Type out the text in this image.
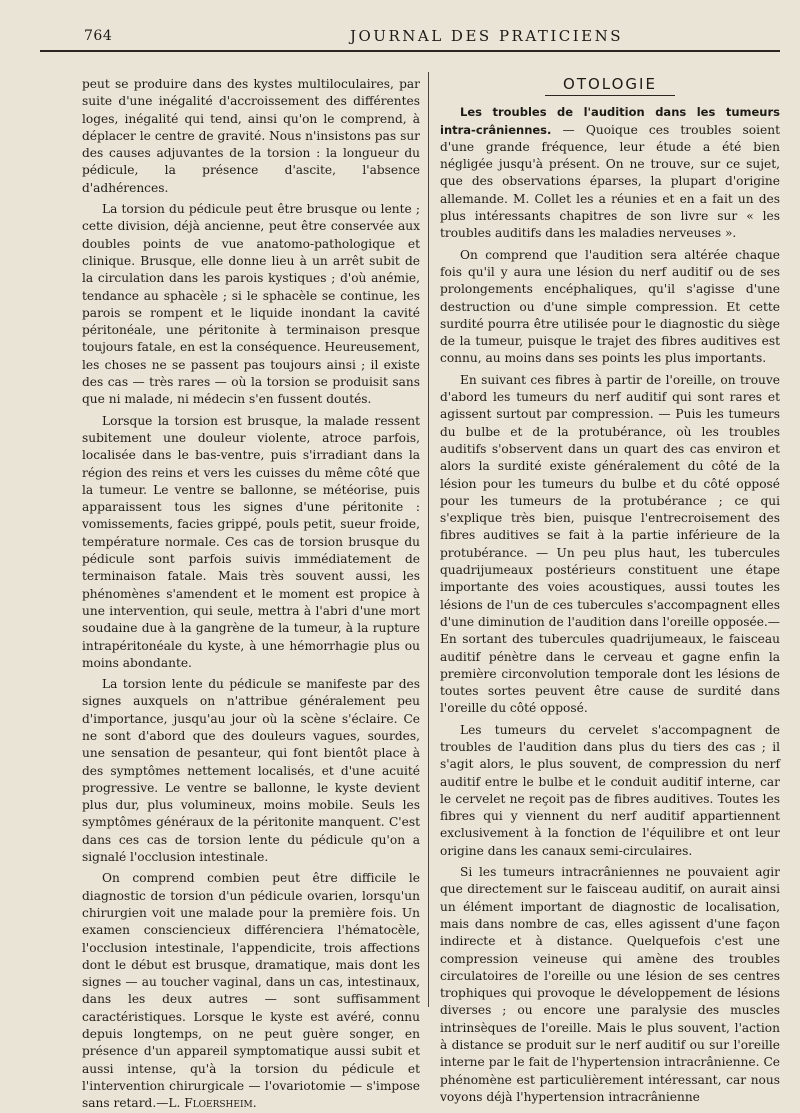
764	JOURNAL DES PRATICIENS

peut se produire dans des kystes multiloculaires, par suite d'une inégalité d'accroissement des différentes loges, inégalité qui tend, ainsi qu'on le comprend, à déplacer le centre de gravité. Nous n'insistons pas sur des causes adjuvantes de la torsion : la longueur du pédicule, la présence d'ascite, l'absence d'adhérences.

La torsion du pédicule peut être brusque ou lente ; cette division, déjà ancienne, peut être conservée aux doubles points de vue anatomo-pathologique et clinique. Brusque, elle donne lieu à un arrêt subit de la circulation dans les parois kystiques ; d'où anémie, tendance au sphacèle ; si le sphacèle se continue, les parois se rompent et le liquide inondant la cavité péritonéale, une péritonite à terminaison presque toujours fatale, en est la conséquence. Heureusement, les choses ne se passent pas toujours ainsi ; il existe des cas — très rares — où la torsion se produisit sans que ni malade, ni médecin s'en fussent doutés.

Lorsque la torsion est brusque, la malade ressent subitement une douleur violente, atroce parfois, localisée dans le bas-ventre, puis s'irradiant dans la région des reins et vers les cuisses du même côté que la tumeur. Le ventre se ballonne, se météorise, puis apparaissent tous les signes d'une péritonite : vomissements, facies grippé, pouls petit, sueur froide, température normale. Ces cas de torsion brusque du pédicule sont parfois suivis immédiatement de terminaison fatale. Mais très souvent aussi, les phénomènes s'amendent et le moment est propice à une intervention, qui seule, mettra à l'abri d'une mort soudaine due à la gangrène de la tumeur, à la rupture intrapéritonéale du kyste, à une hémorrhagie plus ou moins abondante.

La torsion lente du pédicule se manifeste par des signes auxquels on n'attribue généralement peu d'importance, jusqu'au jour où la scène s'éclaire. Ce ne sont d'abord que des douleurs vagues, sourdes, une sensation de pesanteur, qui font bientôt place à des symptômes nettement localisés, et d'une acuité progressive. Le ventre se ballonne, le kyste devient plus dur, plus volumineux, moins mobile. Seuls les symptômes généraux de la péritonite manquent. C'est dans ces cas de torsion lente du pédicule qu'on a signalé l'occlusion intestinale.

On comprend combien peut être difficile le diagnostic de torsion d'un pédicule ovarien, lorsqu'un chirurgien voit une malade pour la première fois. Un examen consciencieux différenciera l'hématocèle, l'occlusion intestinale, l'appendicite, trois affections dont le début est brusque, dramatique, mais dont les signes — au toucher vaginal, dans un cas, intestinaux, dans les deux autres — sont suffisamment caractéristiques. Lorsque le kyste est avéré, connu depuis longtemps, on ne peut guère songer, en présence d'un appareil symptomatique aussi subit et aussi intense, qu'à la torsion du pédicule et l'intervention chirurgicale — l'ovariotomie — s'impose sans retard.—L. Floersheim.

OTOLOGIE

Les troubles de l'audition dans les tumeurs intra-crâniennes. — Quoique ces troubles soient d'une grande fréquence, leur étude a été bien négligée jusqu'à présent. On ne trouve, sur ce sujet, que des observations éparses, la plupart d'origine allemande. M. Collet les a réunies et en a fait un des plus intéressants chapitres de son livre sur « les troubles auditifs dans les maladies nerveuses ».

On comprend que l'audition sera altérée chaque fois qu'il y aura une lésion du nerf auditif ou de ses prolongements encéphaliques, qu'il s'agisse d'une destruction ou d'une simple compression. Et cette surdité pourra être utilisée pour le diagnostic du siège de la tumeur, puisque le trajet des fibres auditives est connu, au moins dans ses points les plus importants.

En suivant ces fibres à partir de l'oreille, on trouve d'abord les tumeurs du nerf auditif qui sont rares et agissent surtout par compression. — Puis les tumeurs du bulbe et de la protubérance, où les troubles auditifs s'observent dans un quart des cas environ et alors la surdité existe généralement du côté de la lésion pour les tumeurs du bulbe et du côté opposé pour les tumeurs de la protubérance ; ce qui s'explique très bien, puisque l'entrecroisement des fibres auditives se fait à la partie inférieure de la protubérance. — Un peu plus haut, les tubercules quadrijumeaux postérieurs constituent une étape importante des voies acoustiques, aussi toutes les lésions de l'un de ces tubercules s'accompagnent elles d'une diminution de l'audition dans l'oreille opposée.— En sortant des tubercules quadrijumeaux, le faisceau auditif pénètre dans le cerveau et gagne enfin la première circonvolution temporale dont les lésions de toutes sortes peuvent être cause de surdité dans l'oreille du côté opposé.

Les tumeurs du cervelet s'accompagnent de troubles de l'audition dans plus du tiers des cas ; il s'agit alors, le plus souvent, de compression du nerf auditif entre le bulbe et le conduit auditif interne, car le cervelet ne reçoit pas de fibres auditives. Toutes les fibres qui y viennent du nerf auditif appartiennent exclusivement à la fonction de l'équilibre et ont leur origine dans les canaux semi-circulaires.

Si les tumeurs intracrâniennes ne pouvaient agir que directement sur le faisceau auditif, on aurait ainsi un élément important de diagnostic de localisation, mais dans nombre de cas, elles agissent d'une façon indirecte et à distance. Quelquefois c'est une compression veineuse qui amène des troubles circulatoires de l'oreille ou une lésion de ses centres trophiques qui provoque le développement de lésions diverses ; ou encore une paralysie des muscles intrinsèques de l'oreille. Mais le plus souvent, l'action à distance se produit sur le nerf auditif ou sur l'oreille interne par le fait de l'hypertension intracrânienne. Ce phénomène est particulièrement intéressant, car nous voyons déjà l'hypertension intracrânienne
